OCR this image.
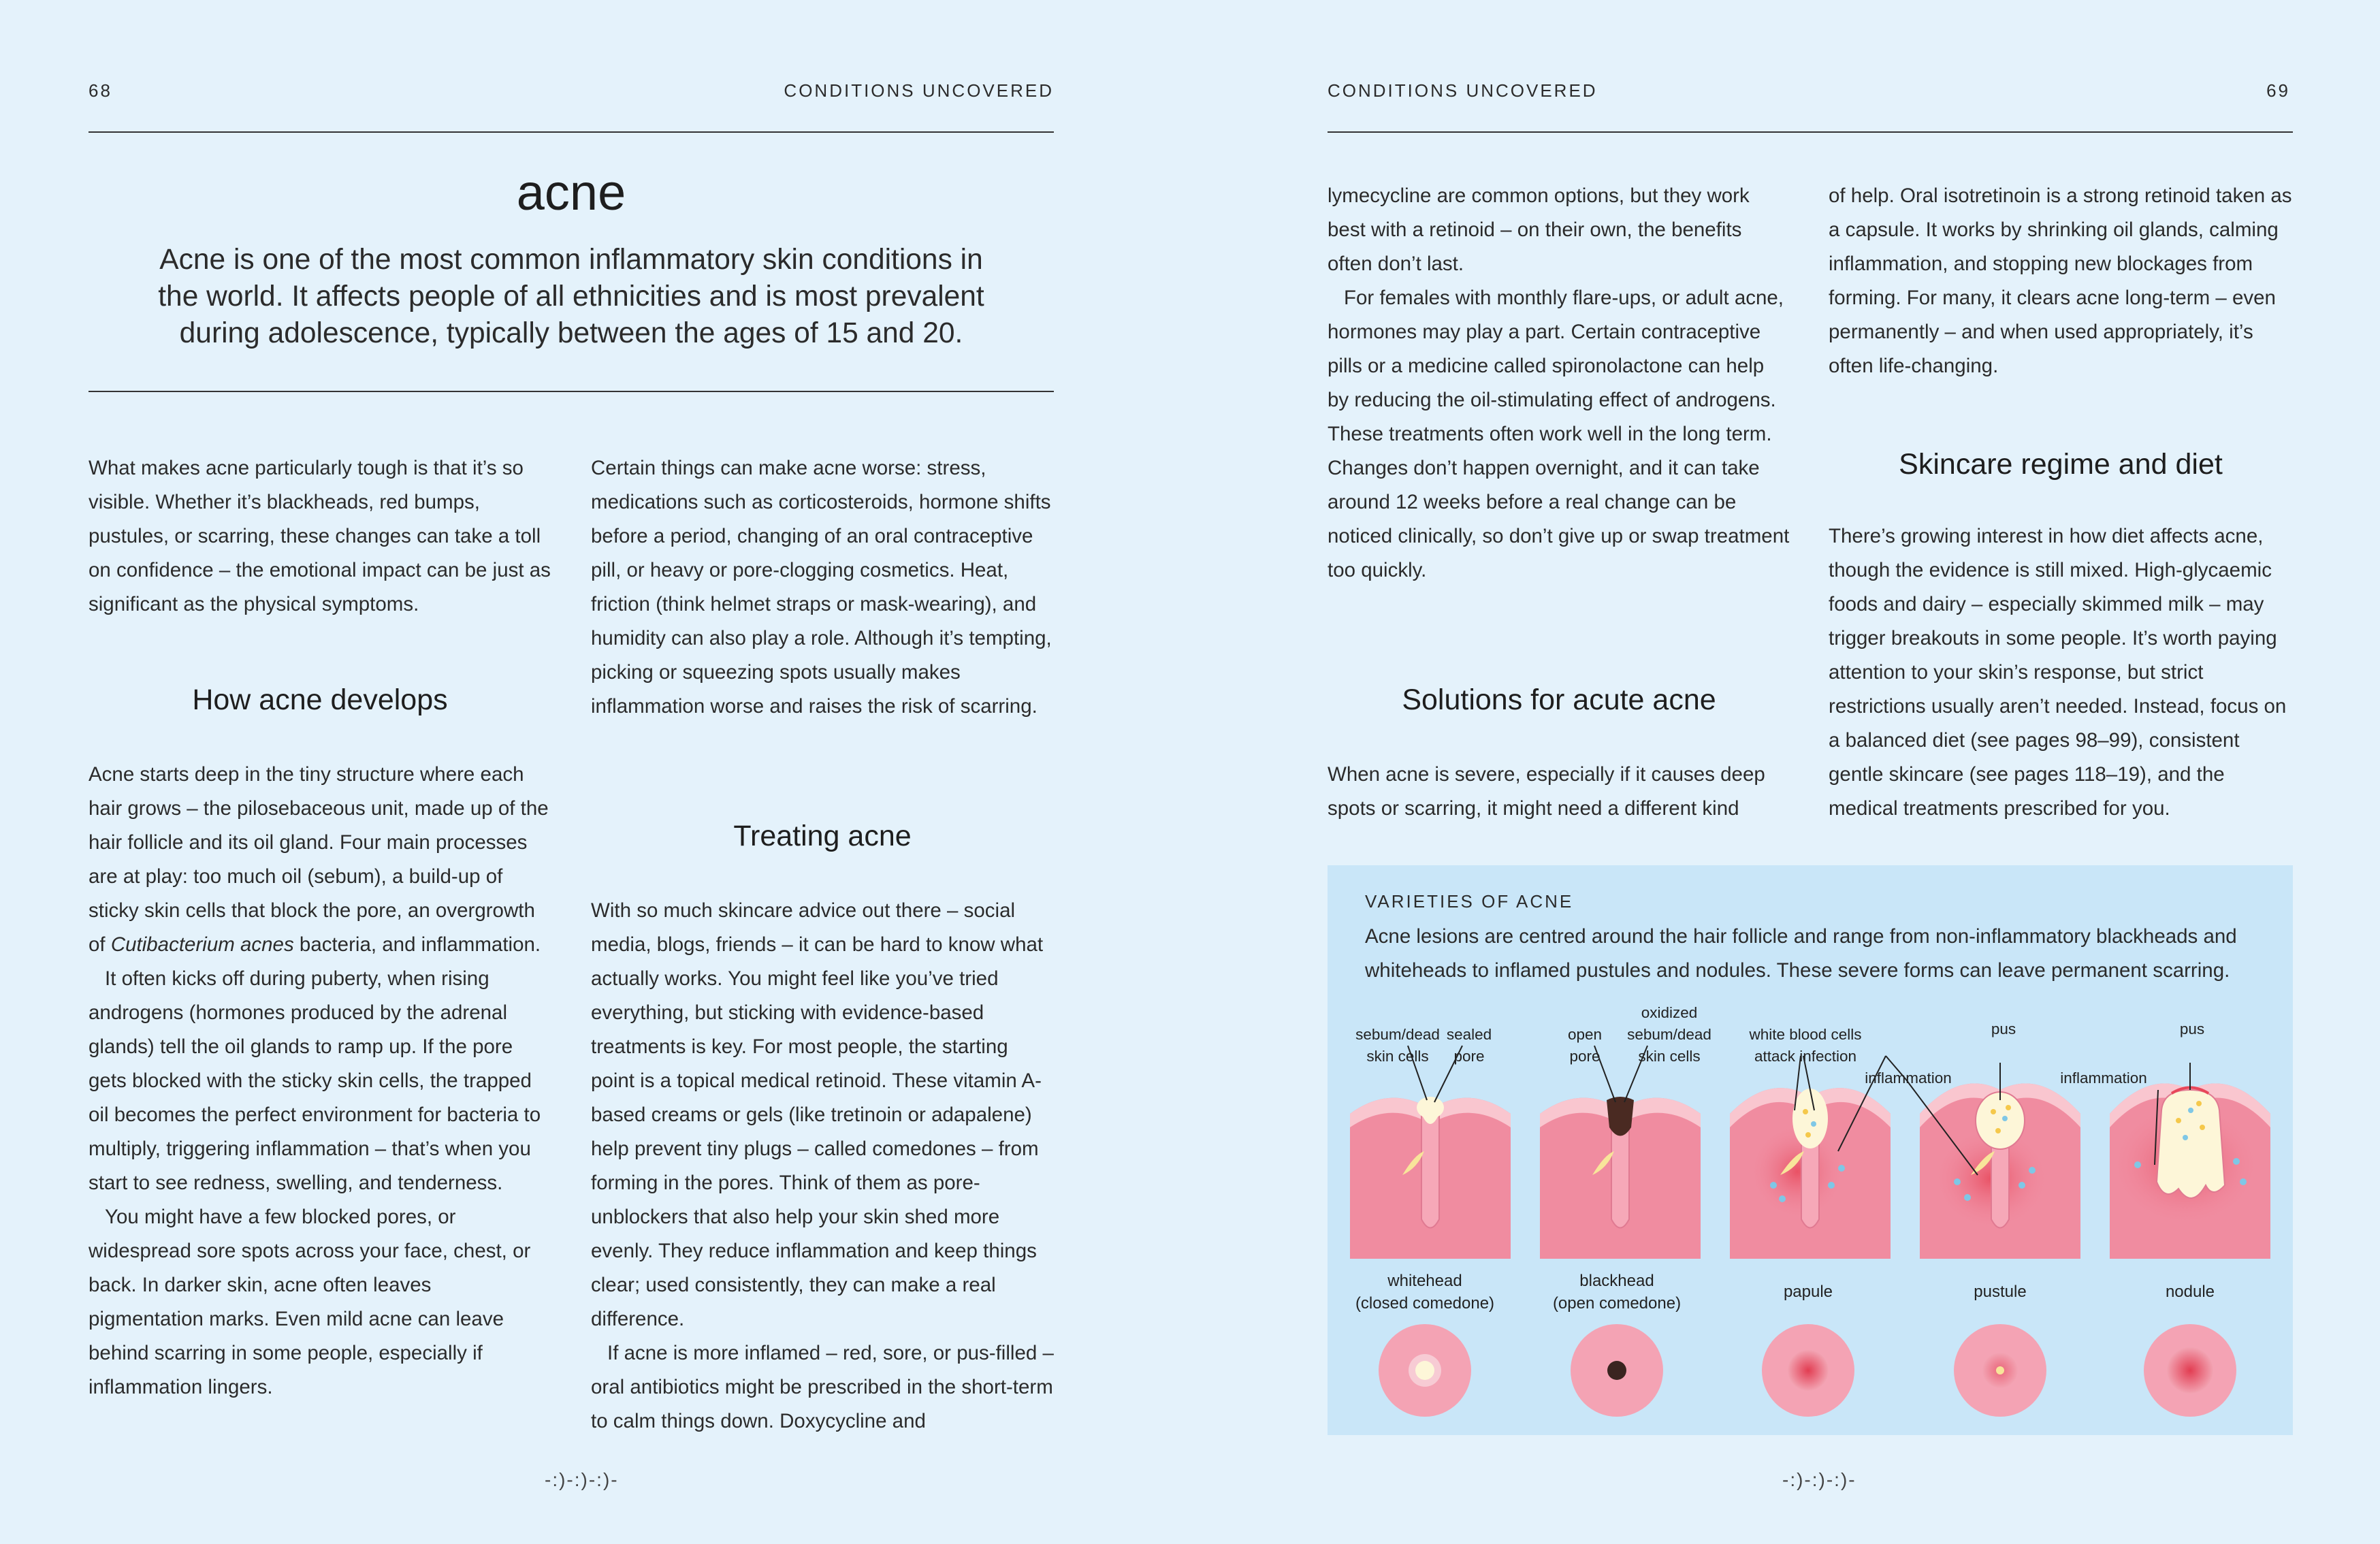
68	CONDITIONS UNCOVERED
acne

Acne is one of the most common inflammatory skin conditions in the world. It affects people of all ethnicities and is most prevalent during adolescence, typically between the ages of 15 and 20.

What makes acne particularly tough is that it’s so visible. Whether it’s blackheads, red bumps, pustules, or scarring, these changes can take a toll on confidence – the emotional impact can be just as significant as the physical symptoms.

How acne develops

Acne starts deep in the tiny structure where each hair grows – the pilosebaceous unit, made up of the hair follicle and its oil gland. Four main processes are at play: too much oil (sebum), a build-up of sticky skin cells that block the pore, an overgrowth of Cutibacterium acnes bacteria, and inflammation.

It often kicks off during puberty, when rising androgens (hormones produced by the adrenal glands) tell the oil glands to ramp up. If the pore gets blocked with the sticky skin cells, the trapped oil becomes the perfect environment for bacteria to multiply, triggering inflammation – that’s when you start to see redness, swelling, and tenderness.

You might have a few blocked pores, or widespread sore spots across your face, chest, or back. In darker skin, acne often leaves pigmentation marks. Even mild acne can leave behind scarring in some people, especially if inflammation lingers.

Certain things can make acne worse: stress, medications such as corticosteroids, hormone shifts before a period, changing of an oral contraceptive pill, or heavy or pore-clogging cosmetics. Heat, friction (think helmet straps or mask-wearing), and humidity can also play a role. Although it’s tempting, picking or squeezing spots usually makes inflammation worse and raises the risk of scarring.

Treating acne

With so much skincare advice out there – social media, blogs, friends – it can be hard to know what actually works. You might feel like you’ve tried everything, but sticking with evidence-based treatments is key. For most people, the starting point is a topical medical retinoid. These vitamin A-based creams or gels (like tretinoin or adapalene) help prevent tiny plugs – called comedones – from forming in the pores. Think of them as pore-unblockers that also help your skin shed more evenly. They reduce inflammation and keep things clear; used consistently, they can make a real difference.

If acne is more inflamed – red, sore, or pus-filled – oral antibiotics might be prescribed in the short-term to calm things down. Doxycycline and

-:)-:)-:)-
CONDITIONS UNCOVERED	69

lymecycline are common options, but they work best with a retinoid – on their own, the benefits often don’t last.

For females with monthly flare-ups, or adult acne, hormones may play a part. Certain contraceptive pills or a medicine called spironolactone can help by reducing the oil-stimulating effect of androgens. These treatments often work well in the long term. Changes don’t happen overnight, and it can take around 12 weeks before a real change can be noticed clinically, so don’t give up or swap treatment too quickly.

Solutions for acute acne

When acne is severe, especially if it causes deep spots or scarring, it might need a different kind

of help. Oral isotretinoin is a strong retinoid taken as a capsule. It works by shrinking oil glands, calming inflammation, and stopping new blockages from forming. For many, it clears acne long-term – even permanently – and when used appropriately, it’s often life-changing.

Skincare regime and diet

There’s growing interest in how diet affects acne, though the evidence is still mixed. High-glycaemic foods and dairy – especially skimmed milk – may trigger breakouts in some people. It’s worth paying attention to your skin’s response, but strict restrictions usually aren’t needed. Instead, focus on a balanced diet (see pages 98–99), consistent gentle skincare (see pages 118–19), and the medical treatments prescribed for you.

-:)-:)-:)-
VARIETIES OF ACNE

Acne lesions are centred around the hair follicle and range from non-inflammatory blackheads and whiteheads to inflamed pustules and nodules. These severe forms can leave permanent scarring.

sebum/dead
skin cells
sealed
pore
open
pore
oxidized
sebum/dead
skin cells
white blood cells
attack infection
inflammation
pus
inflammation
pus
whitehead
(closed comedone)
blackhead
(open comedone)
papule	pustule	nodule
